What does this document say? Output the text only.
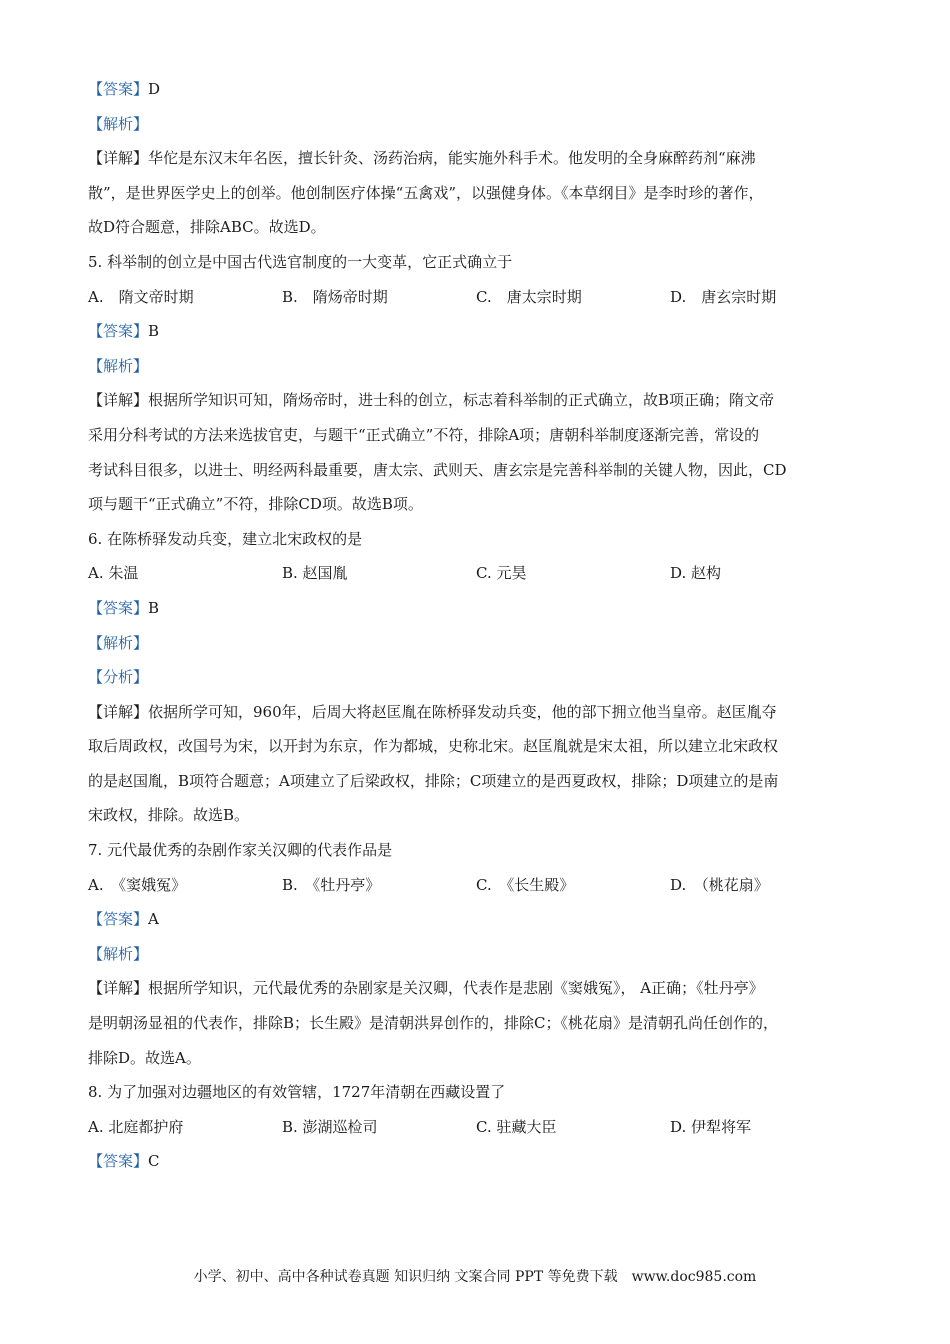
【答案】D
【解析】
【详解】华佗是东汉末年名医，擅长针灸、汤药治病，能实施外科手术。他发明的全身麻醉药剂“麻沸
散”，是世界医学史上的创举。他创制医疗体操“五禽戏”，以强健身体。《本草纲目》是李时珍的著作，
故D符合题意，排除ABC。故选D。
5. 科举制的创立是中国古代选官制度的一大变革，它正式确立于
A.　隋文帝时期	B.　隋炀帝时期	C.　唐太宗时期	D.　唐玄宗时期
【答案】B
【解析】
【详解】根据所学知识可知，隋炀帝时，进士科的创立，标志着科举制的正式确立，故B项正确；隋文帝
采用分科考试的方法来选拔官吏，与题干“正式确立”不符，排除A项；唐朝科举制度逐渐完善，常设的
考试科目很多，以进士、明经两科最重要，唐太宗、武则天、唐玄宗是完善科举制的关键人物，因此，CD
项与题干“正式确立”不符，排除CD项。故选B项。
6. 在陈桥驿发动兵变，建立北宋政权的是
A. 朱温	B. 赵国胤	C. 元昊	D. 赵构
【答案】B
【解析】
【分析】
【详解】依据所学可知，960年，后周大将赵匡胤在陈桥驿发动兵变，他的部下拥立他当皇帝。赵匡胤夺
取后周政权，改国号为宋，以开封为东京，作为都城，史称北宋。赵匡胤就是宋太祖，所以建立北宋政权
的是赵国胤，B项符合题意；A项建立了后梁政权，排除；C项建立的是西夏政权，排除；D项建立的是南
宋政权，排除。故选B。
7. 元代最优秀的杂剧作家关汉卿的代表作品是
A.　《窦娥冤》	B.　《牡丹亭》	C.　《长生殿》	D.　（桃花扇》
【答案】A
【解析】
【详解】根据所学知识，元代最优秀的杂剧家是关汉卿，代表作是悲剧《窦娥冤》， A正确；《牡丹亭》
是明朝汤显祖的代表作，排除B；长生殿》是清朝洪昇创作的，排除C；《桃花扇》是清朝孔尚任创作的，
排除D。故选A。
8. 为了加强对边疆地区的有效管辖，1727年清朝在西藏设置了
A. 北庭都护府	B. 澎湖巡检司	C. 驻藏大臣	D. 伊犁将军
【答案】C
小学、初中、高中各种试卷真题 知识归纳 文案合同 PPT 等免费下载　www.doc985.com
